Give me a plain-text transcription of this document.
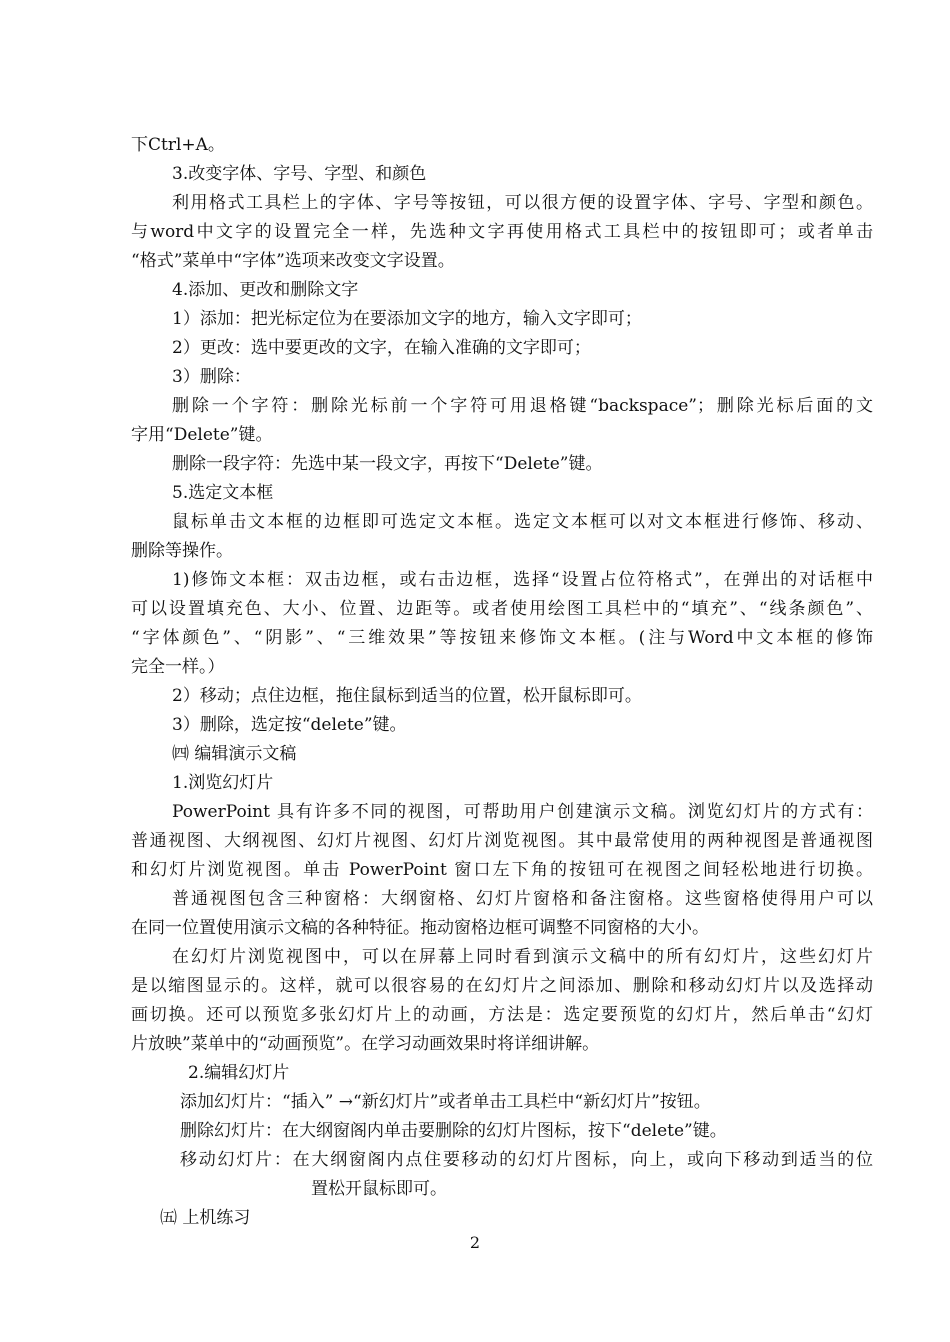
下Ctrl+A。
3.改变字体、字号、字型、和颜色
利用格式工具栏上的字体、字号等按钮，可以很方便的设置字体、字号、字型和颜色。
与word中文字的设置完全一样，先选种文字再使用格式工具栏中的按钮即可；或者单击
“格式”菜单中“字体”选项来改变文字设置。
4.添加、更改和删除文字
1）添加：把光标定位为在要添加文字的地方，输入文字即可；
2）更改：选中要更改的文字，在输入准确的文字即可；
3）删除：
删除一个字符：删除光标前一个字符可用退格键“backspace”；删除光标后面的文
字用“Delete”键。
删除一段字符：先选中某一段文字，再按下“Delete”键。
5.选定文本框
鼠标单击文本框的边框即可选定文本框。选定文本框可以对文本框进行修饰、移动、
删除等操作。
1)修饰文本框：双击边框，或右击边框，选择“设置占位符格式”，在弹出的对话框中
可以设置填充色、大小、位置、边距等。或者使用绘图工具栏中的“填充”、“线条颜色”、
“字体颜色”、“阴影”、“三维效果”等按钮来修饰文本框。(注与Word中文本框的修饰
完全一样。）
2）移动；点住边框，拖住鼠标到适当的位置，松开鼠标即可。
3）删除，选定按“delete”键。
㈣ 编辑演示文稿
1.浏览幻灯片
PowerPoint 具有许多不同的视图，可帮助用户创建演示文稿。浏览幻灯片的方式有：
普通视图、大纲视图、幻灯片视图、幻灯片浏览视图。其中最常使用的两种视图是普通视图
和幻灯片浏览视图。单击 PowerPoint 窗口左下角的按钮可在视图之间轻松地进行切换。
普通视图包含三种窗格：大纲窗格、幻灯片窗格和备注窗格。这些窗格使得用户可以
在同一位置使用演示文稿的各种特征。拖动窗格边框可调整不同窗格的大小。
在幻灯片浏览视图中，可以在屏幕上同时看到演示文稿中的所有幻灯片，这些幻灯片
是以缩图显示的。这样，就可以很容易的在幻灯片之间添加、删除和移动幻灯片以及选择动
画切换。还可以预览多张幻灯片上的动画，方法是：选定要预览的幻灯片，然后单击“幻灯
片放映”菜单中的“动画预览”。在学习动画效果时将详细讲解。
2.编辑幻灯片
添加幻灯片：“插入” →“新幻灯片”或者单击工具栏中“新幻灯片”按钮。
删除幻灯片：在大纲窗阁内单击要删除的幻灯片图标，按下“delete”键。
移动幻灯片：在大纲窗阁内点住要移动的幻灯片图标，向上，或向下移动到适当的位
置松开鼠标即可。
㈤ 上机练习
2
